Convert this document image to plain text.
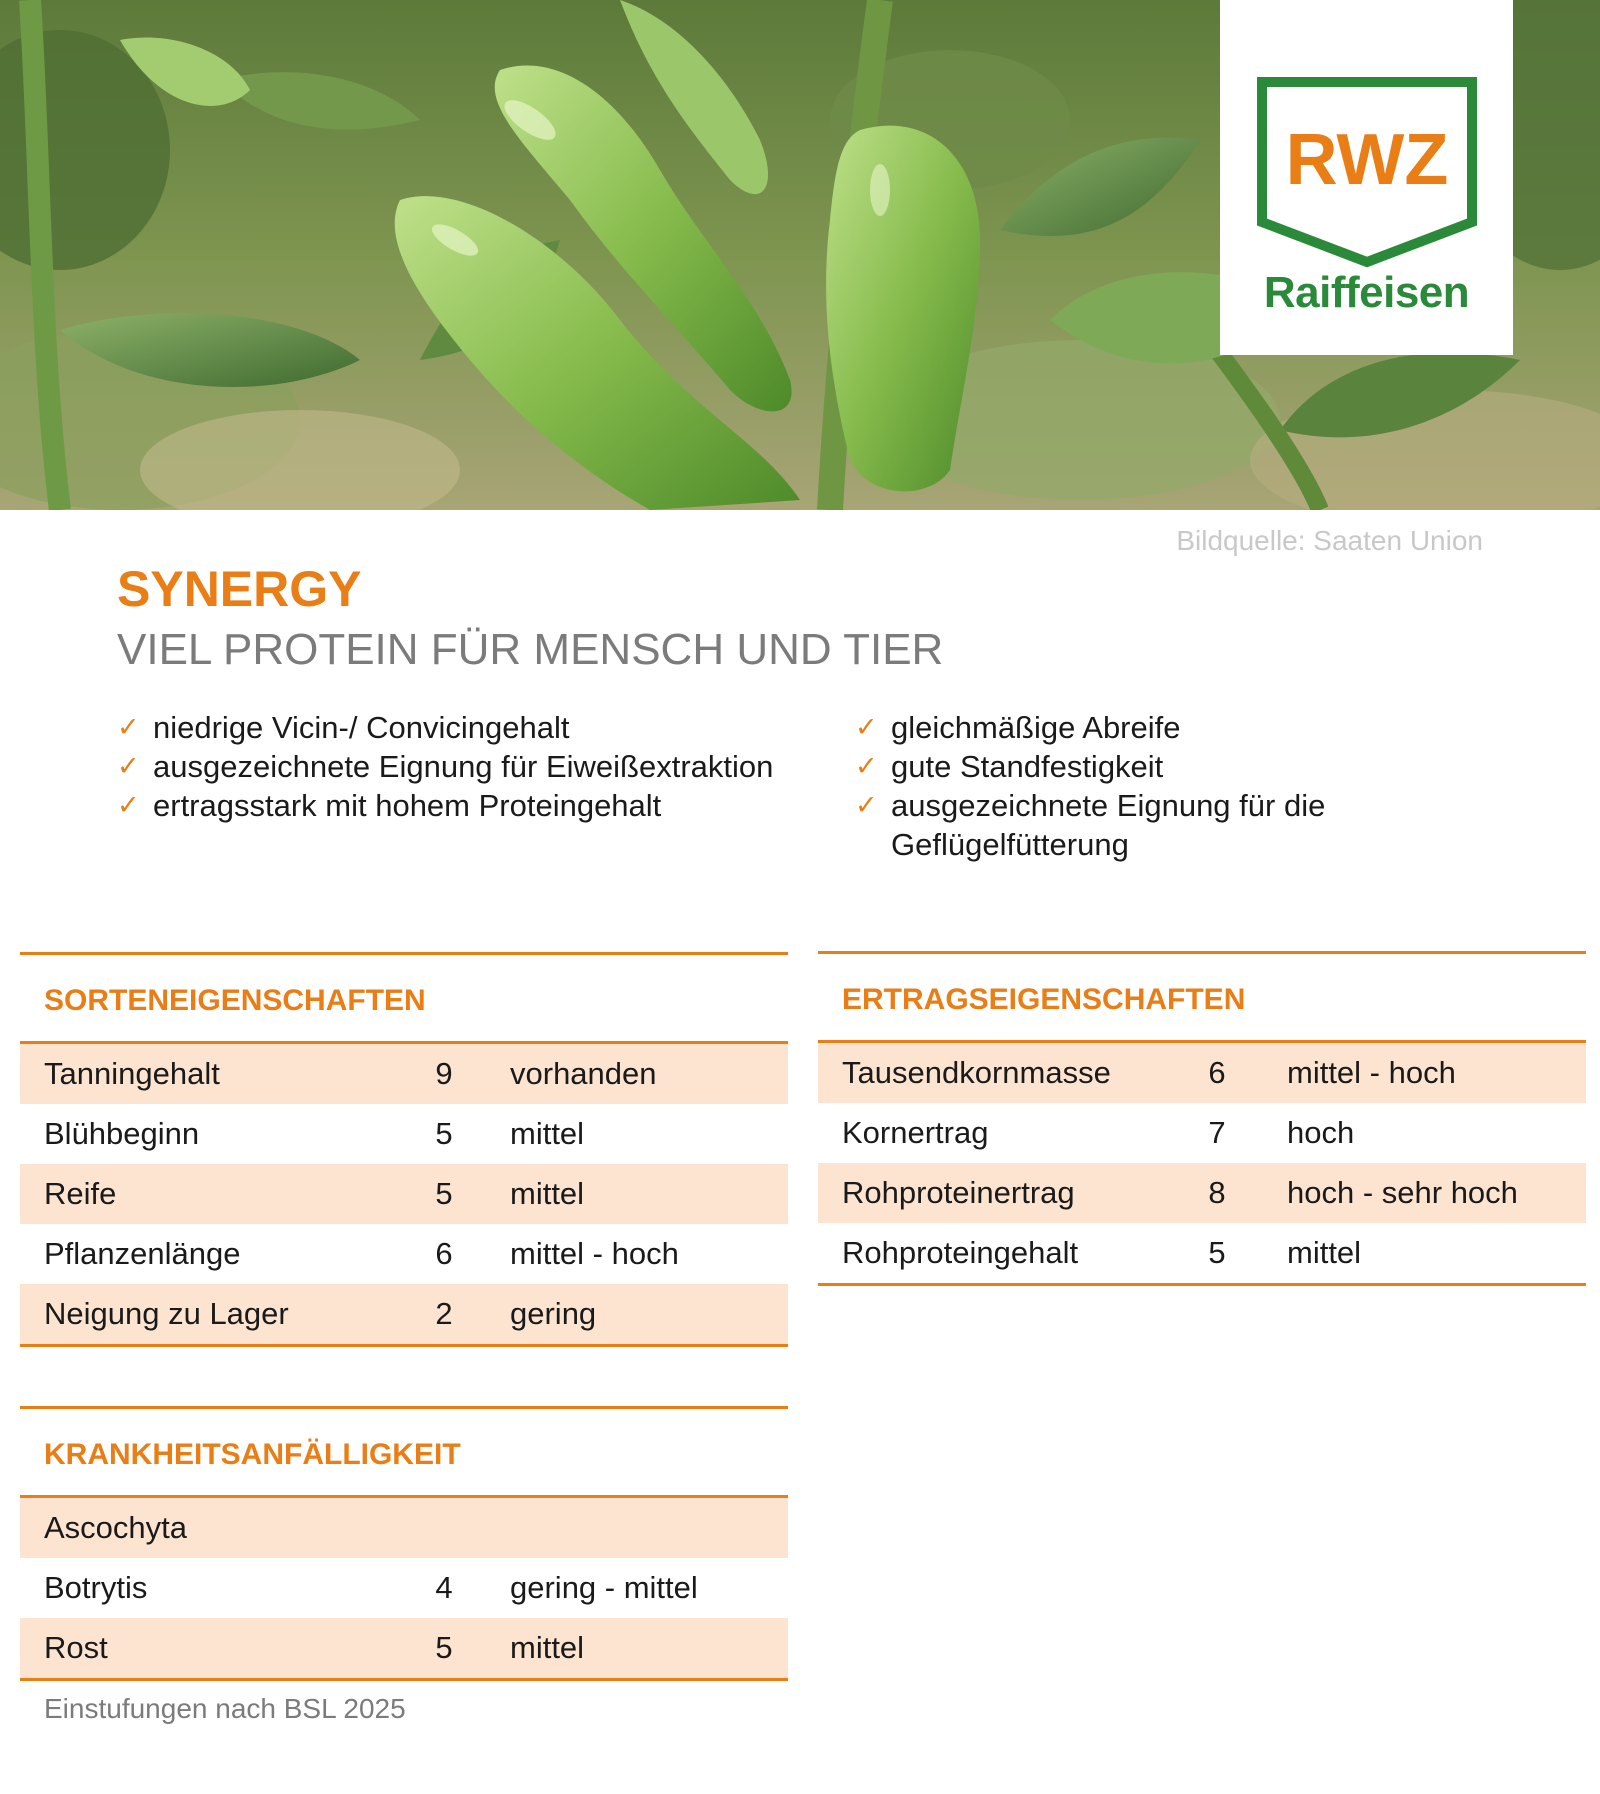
RWZ
Raiffeisen
Bildquelle: Saaten Union
SYNERGY
VIEL PROTEIN FÜR MENSCH UND TIER
✓ niedrige Vicin-/ Convicingehalt
✓ ausgezeichnete Eignung für Eiweißextraktion
✓ ertragsstark mit hohem Proteingehalt
✓ gleichmäßige Abreife
✓ gute Standfestigkeit
✓ ausgezeichnete Eignung für die Geflügelfütterung
SORTENEIGENSCHAFTEN
Tanningehalt	9	vorhanden
Blühbeginn	5	mittel
Reife	5	mittel
Pflanzenlänge	6	mittel - hoch
Neigung zu Lager	2	gering
ERTRAGSEIGENSCHAFTEN
Tausendkornmasse	6	mittel - hoch
Kornertrag	7	hoch
Rohproteinertrag	8	hoch - sehr hoch
Rohproteingehalt	5	mittel
KRANKHEITSANFÄLLIGKEIT
Ascochyta
Botrytis	4	gering - mittel
Rost	5	mittel
Einstufungen nach BSL 2025
